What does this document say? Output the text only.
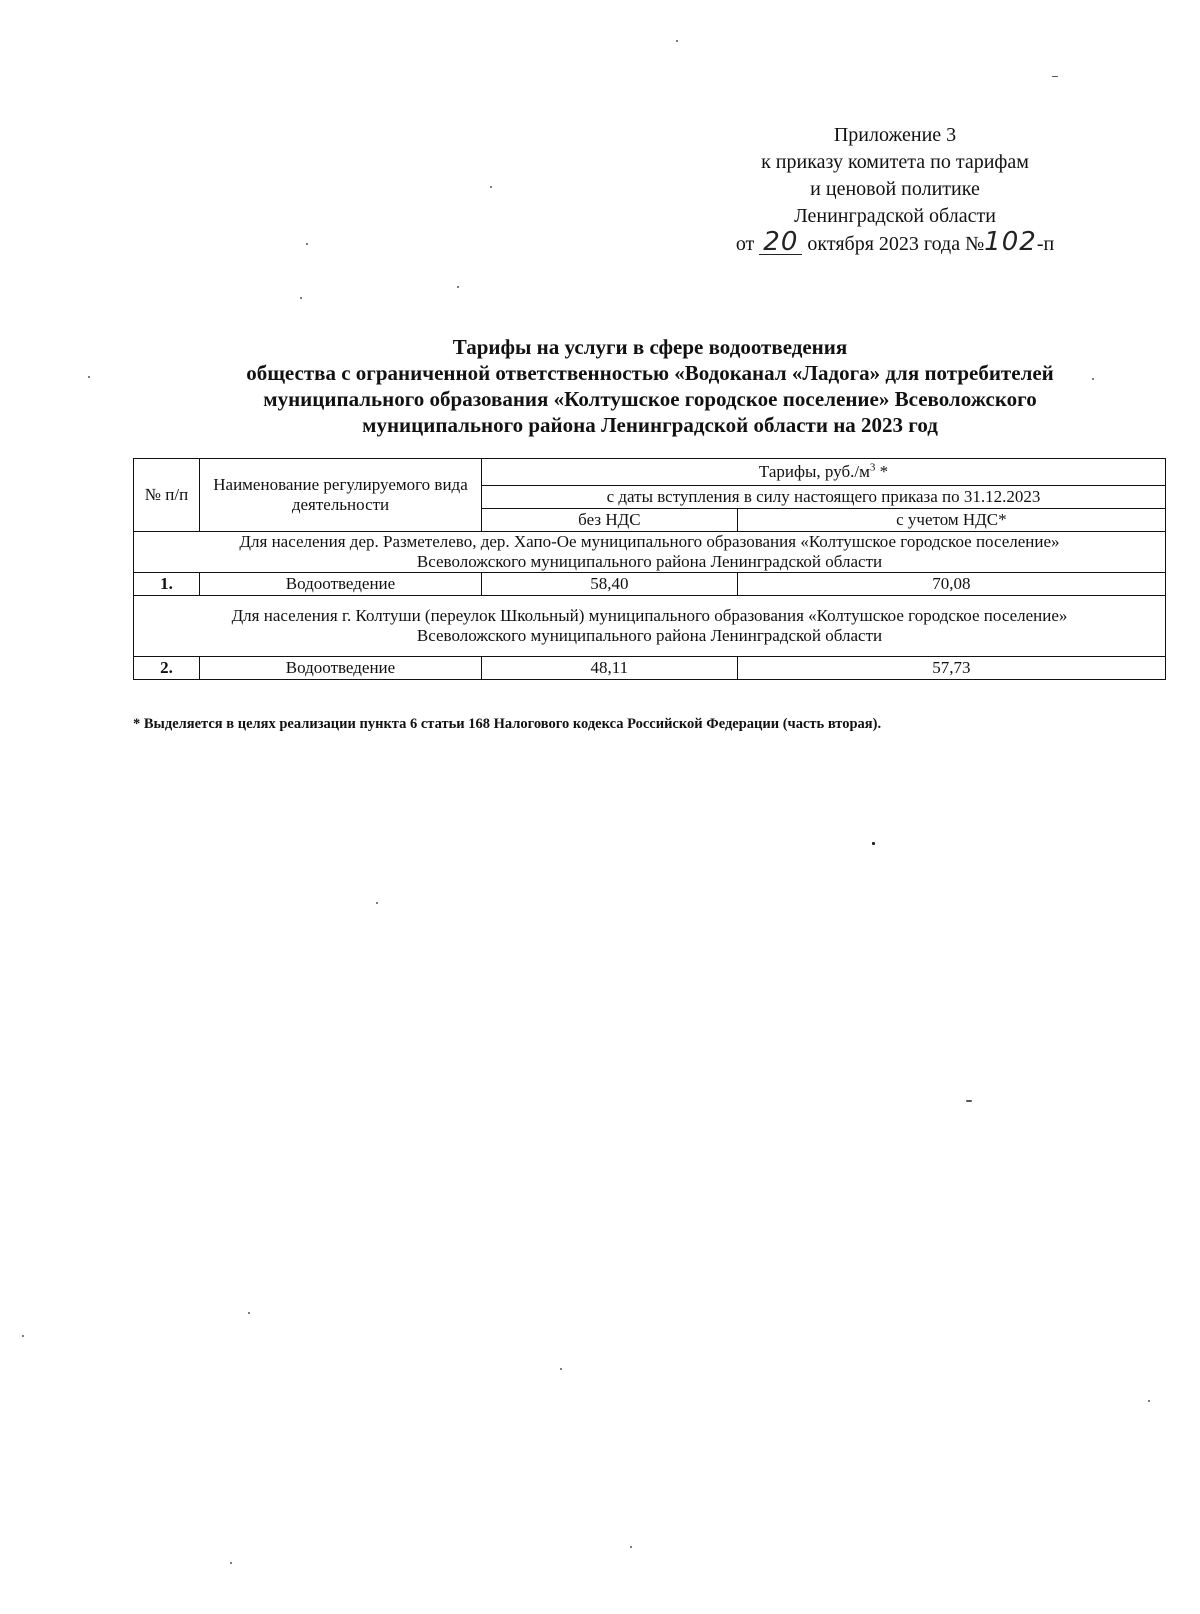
Приложение 3
к приказу комитета по тарифам
и ценовой политике
Ленинградской области
от 20 октября 2023 года №102-п
Тарифы на услуги в сфере водоотведения
общества с ограниченной ответственностью «Водоканал «Ладога» для потребителей
муниципального образования «Колтушское городское поселение» Всеволожского
муниципального района Ленинградской области на 2023 год
№ п/п	Наименование регулируемого вида деятельности	Тарифы, $руб./м^3$ *	
		с даты вступления в силу настоящего приказа по 31.12.2023	
		без НДС	с учетом НДС*

Для населения дер. Разметелево, дер. Хапо-Ое муниципального образования «Колтушское городское поселение»
Всеволожского муниципального района Ленинградской области			

1.	Водоотведение	58,40	70,08

Для населения г. Колтуши (переулок Школьный) муниципального образования «Колтушское городское поселение»
Всеволожского муниципального района Ленинградской области			

2.	Водоотведение	48,11	57,73
* Выделяется в целях реализации пункта 6 статьи 168 Налогового кодекса Российской Федерации (часть вторая).
